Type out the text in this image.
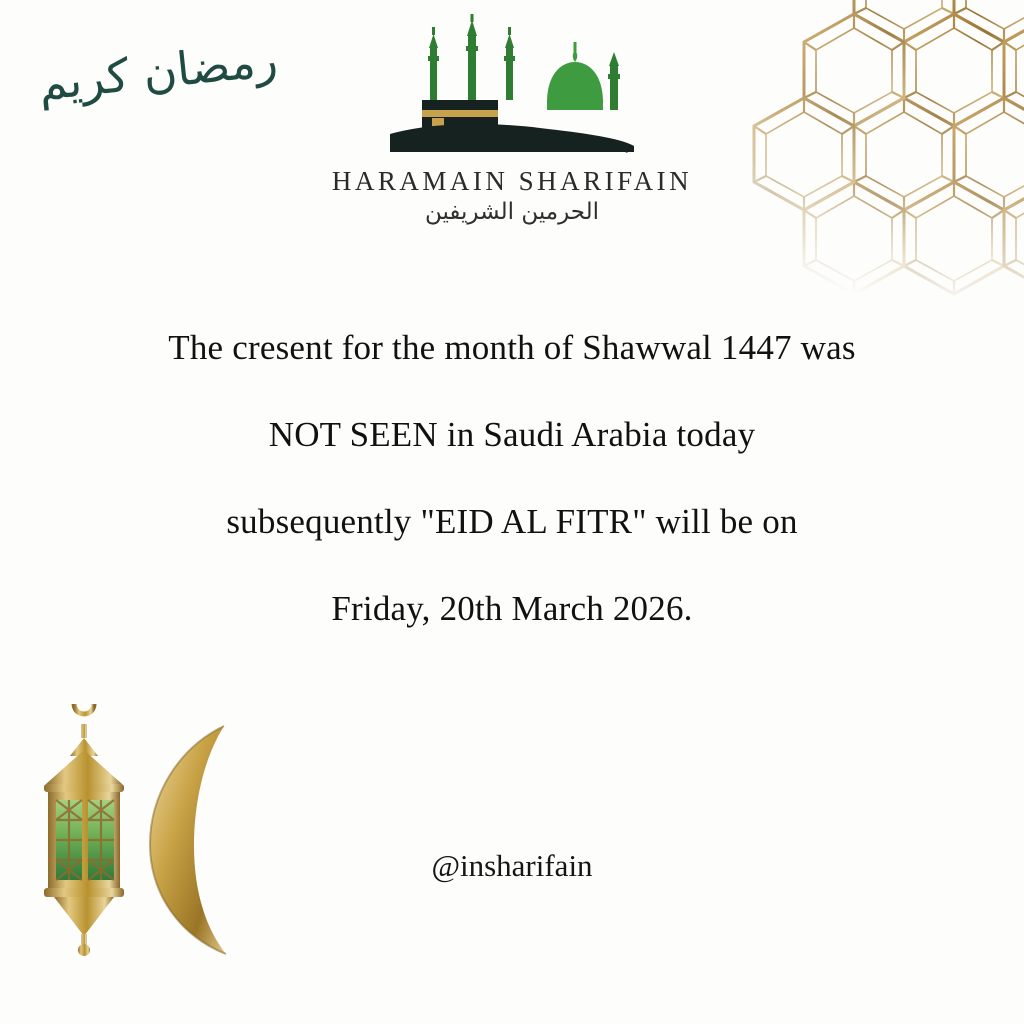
رمضان كريم
HARAMAIN SHARIFAIN
الحرمين الشريفين

The cresent for the month of Shawwal 1447 was

NOT SEEN in Saudi Arabia today

subsequently "EID AL FITR" will be on

Friday, 20th March 2026.

@insharifain
